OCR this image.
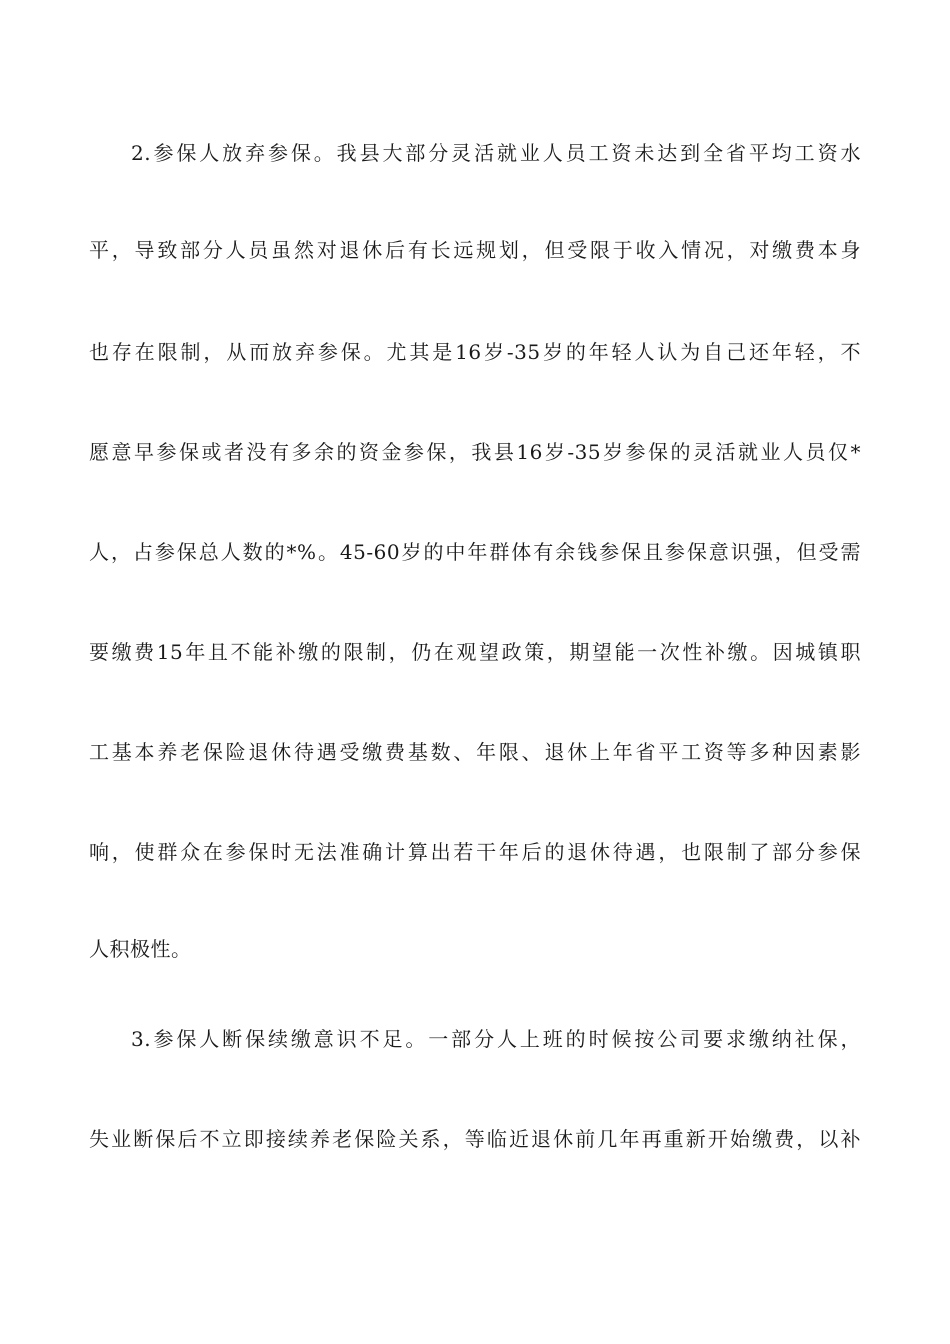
2.参保人放弃参保。我县大部分灵活就业人员工资未达到全省平均工资水
平，导致部分人员虽然对退休后有长远规划，但受限于收入情况，对缴费本身
也存在限制，从而放弃参保。尤其是16岁-35岁的年轻人认为自己还年轻，不
愿意早参保或者没有多余的资金参保，我县16岁-35岁参保的灵活就业人员仅*
人，占参保总人数的*%。45-60岁的中年群体有余钱参保且参保意识强，但受需
要缴费15年且不能补缴的限制，仍在观望政策，期望能一次性补缴。因城镇职
工基本养老保险退休待遇受缴费基数、年限、退休上年省平工资等多种因素影
响，使群众在参保时无法准确计算出若干年后的退休待遇，也限制了部分参保
人积极性。
3.参保人断保续缴意识不足。一部分人上班的时候按公司要求缴纳社保，
失业断保后不立即接续养老保险关系，等临近退休前几年再重新开始缴费，以补
